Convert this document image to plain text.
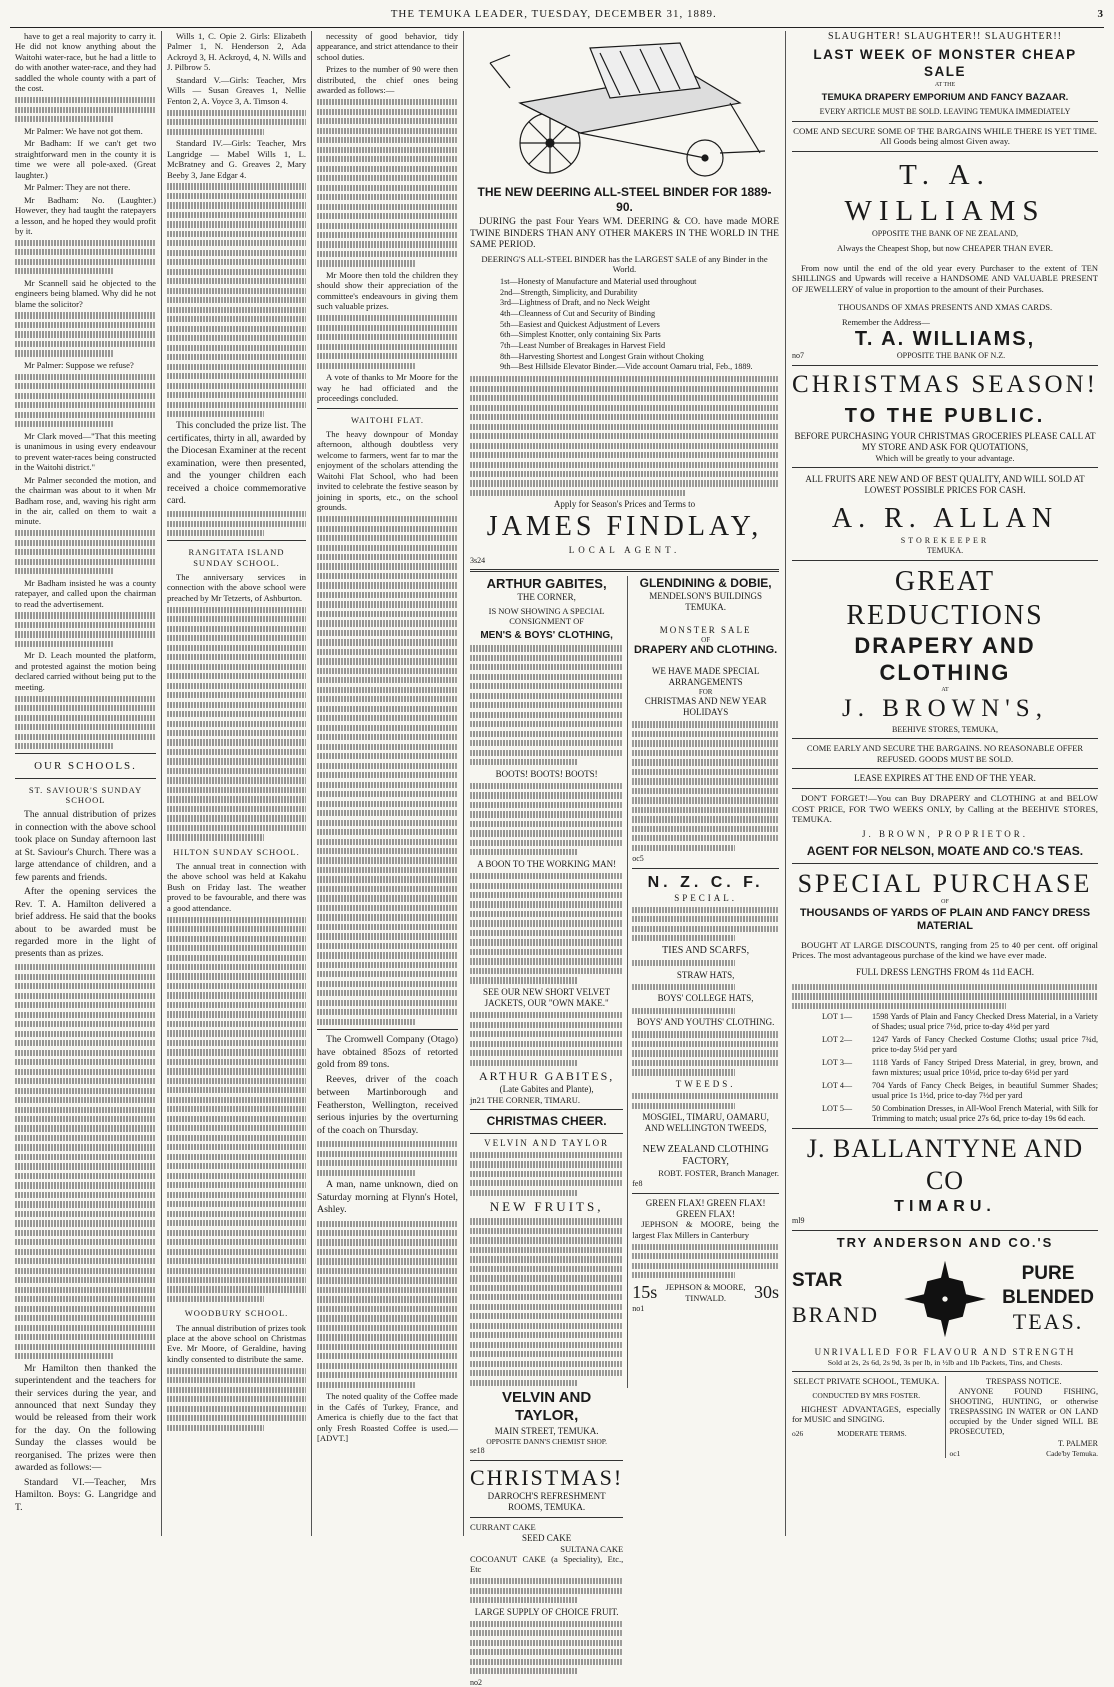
THE TEMUKA LEADER, TUESDAY, DECEMBER 31, 1889.	3

have to get a real majority to carry it. He did not know anything about the Waitohi water-race, but he had a little to do with another water-race, and they had saddled the whole county with a part of the cost.

Mr Palmer: We have not got them.

Mr Badham: If we can't get two straightforward men in the county it is time we were all pole-axed. (Great laughter.)

Mr Palmer: They are not there.

Mr Badham: No. (Laughter.) However, they had taught the ratepayers a lesson, and he hoped they would profit by it.

Mr Scannell said he objected to the engineers being blamed. Why did he not blame the solicitor?

Mr Palmer: Suppose we refuse?

Mr Clark moved—"That this meeting is unanimous in using every endeavour to prevent water-races being constructed in the Waitohi district."

Mr Palmer seconded the motion, and the chairman was about to it when Mr Badham rose, and, waving his right arm in the air, called on them to wait a minute.

Mr Badham insisted he was a county ratepayer, and called upon the chairman to read the advertisement.

Mr D. Leach mounted the platform, and protested against the motion being declared carried without being put to the meeting.

OUR SCHOOLS.
ST. SAVIOUR'S SUNDAY SCHOOL

The annual distribution of prizes in connection with the above school took place on Sunday afternoon last at St. Saviour's Church. There was a large attendance of children, and a few parents and friends.

After the opening services the Rev. T. A. Hamilton delivered a brief address. He said that the books about to be awarded must be regarded more in the light of presents than as prizes.

Mr Hamilton then thanked the superintendent and the teachers for their services during the year, and announced that next Sunday they would be released from their work for the day. On the following Sunday the classes would be reorganised. The prizes were then awarded as follows:—

Standard VI.—Teacher, Mrs Hamilton. Boys: G. Langridge and T.

Wills 1, C. Opie 2. Girls: Elizabeth Palmer 1, N. Henderson 2, Ada Ackroyd 3, H. Ackroyd, 4, N. Wills and J. Pilbrow 5.

Standard V.—Girls: Teacher, Mrs Wills — Susan Greaves 1, Nellie Fenton 2, A. Voyce 3, A. Timson 4.

Standard IV.—Girls: Teacher, Mrs Langridge — Mabel Wills 1, L. McBratney and G. Greaves 2, Mary Beeby 3, Jane Edgar 4.

This concluded the prize list. The certificates, thirty in all, awarded by the Diocesan Examiner at the recent examination, were then presented, and the younger children each received a choice commemorative card.

RANGITATA ISLAND SUNDAY SCHOOL.

The anniversary services in connection with the above school were preached by Mr Tetzerts, of Ashburton.

HILTON SUNDAY SCHOOL.

The annual treat in connection with the above school was held at Kakahu Bush on Friday last. The weather proved to be favourable, and there was a good attendance.

WOODBURY SCHOOL.

The annual distribution of prizes took place at the above school on Christmas Eve. Mr Moore, of Geraldine, having kindly consented to distribute the same.

necessity of good behavior, tidy appearance, and strict attendance to their school duties.

Prizes to the number of 90 were then distributed, the chief ones being awarded as follows:—

Mr Moore then told the children they should show their appreciation of the committee's endeavours in giving them such valuable prizes.

A vote of thanks to Mr Moore for the way he had officiated and the proceedings concluded.

WAITOHI FLAT.

The heavy downpour of Monday afternoon, although doubtless very welcome to farmers, went far to mar the enjoyment of the scholars attending the Waitohi Flat School, who had been invited to celebrate the festive season by joining in sports, etc., on the school grounds.

The Cromwell Company (Otago) have obtained 85ozs of retorted gold from 89 tons.

Reeves, driver of the coach between Martinborough and Featherston, Wellington, received serious injuries by the overturning of the coach on Thursday.

A man, name unknown, died on Saturday morning at Flynn's Hotel, Ashley.

The noted quality of the Coffee made in the Cafés of Turkey, France, and America is chiefly due to the fact that only Fresh Roasted Coffee is used.—[ADVT.]

THE NEW DEERING ALL-STEEL BINDER FOR 1889-90.

DURING the past Four Years WM. DEERING & CO. have made MORE TWINE BINDERS THAN ANY OTHER MAKERS IN THE WORLD IN THE SAME PERIOD.

DEERING'S ALL-STEEL BINDER has the LARGEST SALE of any Binder in the World.

1st—Honesty of Manufacture and Material used throughout
2nd—Strength, Simplicity, and Durability
3rd—Lightness of Draft, and no Neck Weight
4th—Cleanness of Cut and Security of Binding
5th—Easiest and Quickest Adjustment of Levers
6th—Simplest Knotter, only containing Six Parts
7th—Least Number of Breakages in Harvest Field
8th—Harvesting Shortest and Longest Grain without Choking
9th—Best Hillside Elevator Binder.—Vide account Oamaru trial, Feb., 1889.

Apply for Season's Prices and Terms to

JAMES FINDLAY,
LOCAL AGENT.
3s24
ARTHUR GABITES,
THE CORNER,
IS NOW SHOWING A SPECIAL CONSIGNMENT OF
MEN'S & BOYS' CLOTHING,
BOOTS! BOOTS! BOOTS!
A BOON TO THE WORKING MAN!
SEE OUR NEW SHORT VELVET JACKETS, OUR "OWN MAKE."
ARTHUR GABITES,
(Late Gabites and Plante),
jn21 THE CORNER, TIMARU.
CHRISTMAS CHEER.
VELVIN AND TAYLOR
NEW FRUITS,
VELVIN AND TAYLOR,
MAIN STREET, TEMUKA.
OPPOSITE DANN'S CHEMIST SHOP.
se18
CHRISTMAS!
DARROCH'S REFRESHMENT ROOMS, TEMUKA.
CURRANT CAKE
SEED CAKE
SULTANA CAKE
COCOANUT CAKE (a Speciality), Etc., Etc
LARGE SUPPLY OF CHOICE FRUIT.
no2
GLENDINING & DOBIE,
MENDELSON'S BUILDINGS TEMUKA.
MONSTER SALE
OF
DRAPERY AND CLOTHING.
WE HAVE MADE SPECIAL ARRANGEMENTS
FOR
CHRISTMAS AND NEW YEAR HOLIDAYS
oc5
N. Z. C. F.
SPECIAL.
TIES AND SCARFS,
STRAW HATS,
BOYS' COLLEGE HATS,
BOYS' AND YOUTHS' CLOTHING.
TWEEDS.
MOSGIEL, TIMARU, OAMARU, AND WELLINGTON TWEEDS,
NEW ZEALAND CLOTHING FACTORY,
ROBT. FOSTER, Branch Manager.
fe8
GREEN FLAX! GREEN FLAX! GREEN FLAX!

JEPHSON & MOORE, being the largest Flax Millers in Canterbury

15s JEPHSON & MOORE,
TINWALD.	30s
no1
SLAUGHTER! SLAUGHTER!! SLAUGHTER!!
LAST WEEK OF MONSTER CHEAP SALE
AT THE
TEMUKA DRAPERY EMPORIUM AND FANCY BAZAAR.
EVERY ARTICLE MUST BE SOLD. LEAVING TEMUKA IMMEDIATELY
COME AND SECURE SOME OF THE BARGAINS WHILE THERE IS YET TIME. All Goods being almost Given away.
T. A. WILLIAMS
OPPOSITE THE BANK OF NE ZEALAND,
Always the Cheapest Shop, but now CHEAPER THAN EVER.

From now until the end of the old year every Purchaser to the extent of TEN SHILLINGS and Upwards will receive a HANDSOME AND VALUABLE PRESENT OF JEWELLERY of value in proportion to the amount of their Purchases.

THOUSANDS OF XMAS PRESENTS AND XMAS CARDS.
Remember the Address—
T. A. WILLIAMS,
no7	OPPOSITE THE BANK OF N.Z.
CHRISTMAS SEASON!
TO THE PUBLIC.
BEFORE PURCHASING YOUR CHRISTMAS GROCERIES PLEASE CALL AT MY STORE AND ASK FOR QUOTATIONS,
Which will be greatly to your advantage.
ALL FRUITS ARE NEW AND OF BEST QUALITY, AND WILL SOLD AT LOWEST POSSIBLE PRICES FOR CASH.
A. R. ALLAN
STOREKEEPER
TEMUKA.
GREAT REDUCTIONS
DRAPERY AND CLOTHING
AT
J. BROWN'S,
BEEHIVE STORES, TEMUKA,
COME EARLY AND SECURE THE BARGAINS. NO REASONABLE OFFER REFUSED. GOODS MUST BE SOLD.
LEASE EXPIRES AT THE END OF THE YEAR.

DON'T FORGET!—You can Buy DRAPERY and CLOTHING at and BELOW COST PRICE, FOR TWO WEEKS ONLY, by Calling at the BEEHIVE STORES, TEMUKA.

J. BROWN, PROPRIETOR.
AGENT FOR NELSON, MOATE AND CO.'S TEAS.
SPECIAL PURCHASE
OF
THOUSANDS OF YARDS OF PLAIN AND FANCY DRESS MATERIAL

BOUGHT AT LARGE DISCOUNTS, ranging from 25 to 40 per cent. off original Prices. The most advantageous purchase of the kind we have ever made.

FULL DRESS LENGTHS FROM 4s 11d EACH.
LOT 1—	1598 Yards of Plain and Fancy Checked Dress Material, in a Variety of Shades; usual price 7½d, price to-day 4½d per yard
LOT 2—	1247 Yards of Fancy Checked Costume Cloths; usual price 7¾d, price to-day 5½d per yard
LOT 3—	1118 Yards of Fancy Striped Dress Material, in grey, brown, and fawn mixtures; usual price 10½d, price to-day 6½d per yard
LOT 4—	704 Yards of Fancy Check Beiges, in beautiful Summer Shades; usual price 1s 1½d, price to-day 7½d per yard
LOT 5—	50 Combination Dresses, in All-Wool French Material, with Silk for Trimming to match; usual price 27s 6d, price to-day 19s 6d each.
J. BALLANTYNE AND CO
TIMARU.
ml9
TRY ANDERSON AND CO.'S
STAR
BRAND
PURE
BLENDED
TEAS.
UNRIVALLED FOR FLAVOUR AND STRENGTH
Sold at 2s, 2s 6d, 2s 9d, 3s per lb, in ½lb and 1lb Packets, Tins, and Chests.
SELECT PRIVATE SCHOOL, TEMUKA.
CONDUCTED BY MRS FOSTER.

HIGHEST ADVANTAGES, especially for MUSIC and SINGING.

o26	MODERATE TERMS.
TRESPASS NOTICE.

ANYONE FOUND FISHING, SHOOTING, HUNTING, or otherwise TRESPASSING IN WATER or ON LAND occupied by the Under signed WILL BE PROSECUTED,

T. PALMER
oc1	Cade'by Temuka.
